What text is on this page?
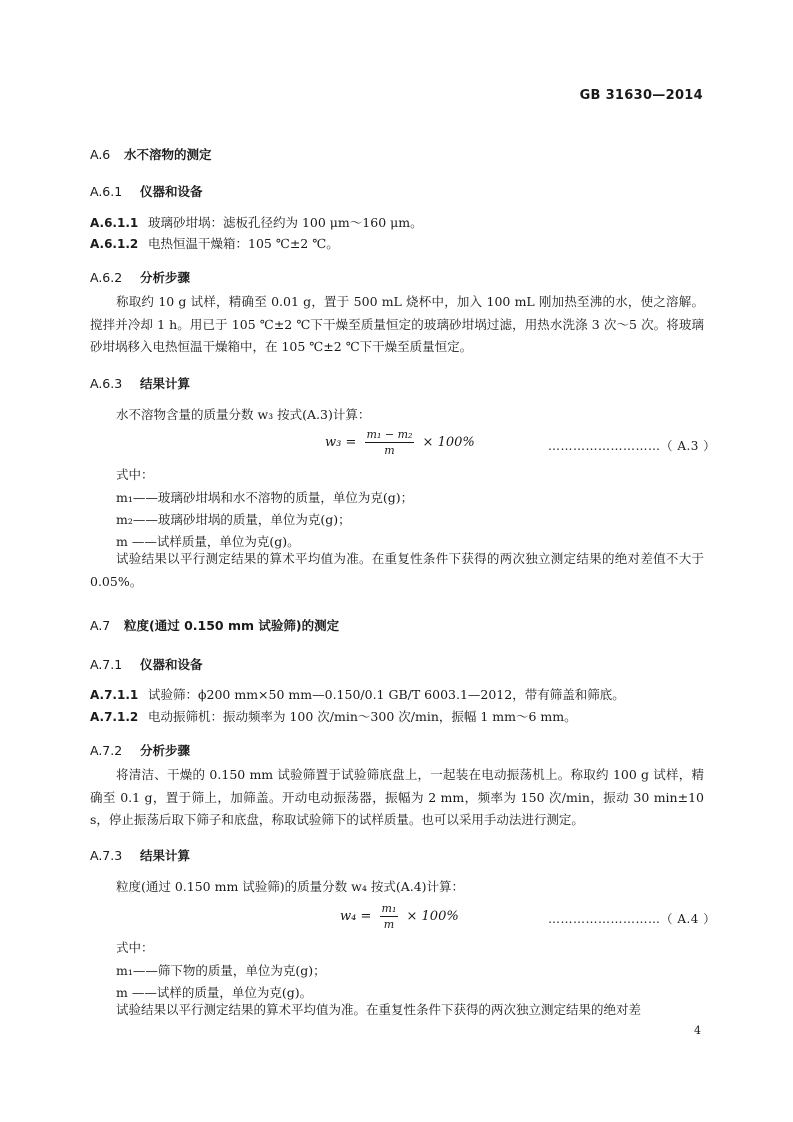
GB 31630—2014
A.6 水不溶物的测定
A.6.1 仪器和设备
A.6.1.1 玻璃砂坩埚：滤板孔径约为 100 μm～160 μm。
A.6.1.2 电热恒温干燥箱：105 ℃±2 ℃。
A.6.2 分析步骤
称取约 10 g 试样，精确至 0.01 g，置于 500 mL 烧杯中，加入 100 mL 刚加热至沸的水，使之溶解。搅拌并冷却 1 h。用已于 105 ℃±2 ℃下干燥至质量恒定的玻璃砂坩埚过滤，用热水洗涤 3 次～5 次。将玻璃砂坩埚移入电热恒温干燥箱中，在 105 ℃±2 ℃下干燥至质量恒定。
A.6.3 结果计算
水不溶物含量的质量分数 w₃ 按式(A.3)计算：
$w_3 = \frac{\text{m₁ − m₂}}{m} \times 100\%$	………………………（ A.3 ）
式中：
m₁——玻璃砂坩埚和水不溶物的质量，单位为克(g)；
m₂——玻璃砂坩埚的质量，单位为克(g)；
m ——试样质量，单位为克(g)。
试验结果以平行测定结果的算术平均值为准。在重复性条件下获得的两次独立测定结果的绝对差值不大于 0.05%。
A.7 粒度(通过 0.150 mm 试验筛)的测定
A.7.1 仪器和设备
A.7.1.1 试验筛：ϕ200 mm×50 mm—0.150/0.1 GB/T 6003.1—2012，带有筛盖和筛底。
A.7.1.2 电动振筛机：振动频率为 100 次/min～300 次/min，振幅 1 mm～6 mm。
A.7.2 分析步骤
将清洁、干燥的 0.150 mm 试验筛置于试验筛底盘上，一起装在电动振荡机上。称取约 100 g 试样，精确至 0.1 g，置于筛上，加筛盖。开动电动振荡器，振幅为 2 mm，频率为 150 次/min，振动 30 min±10 s，停止振荡后取下筛子和底盘，称取试验筛下的试样质量。也可以采用手动法进行测定。
A.7.3 结果计算
粒度(通过 0.150 mm 试验筛)的质量分数 w₄ 按式(A.4)计算：
$w_4 = \frac{\text{m₁}}{m} \times 100\%$	………………………（ A.4 ）
式中：
m₁——筛下物的质量，单位为克(g)；
m ——试样的质量，单位为克(g)。
试验结果以平行测定结果的算术平均值为准。在重复性条件下获得的两次独立测定结果的绝对差
4
